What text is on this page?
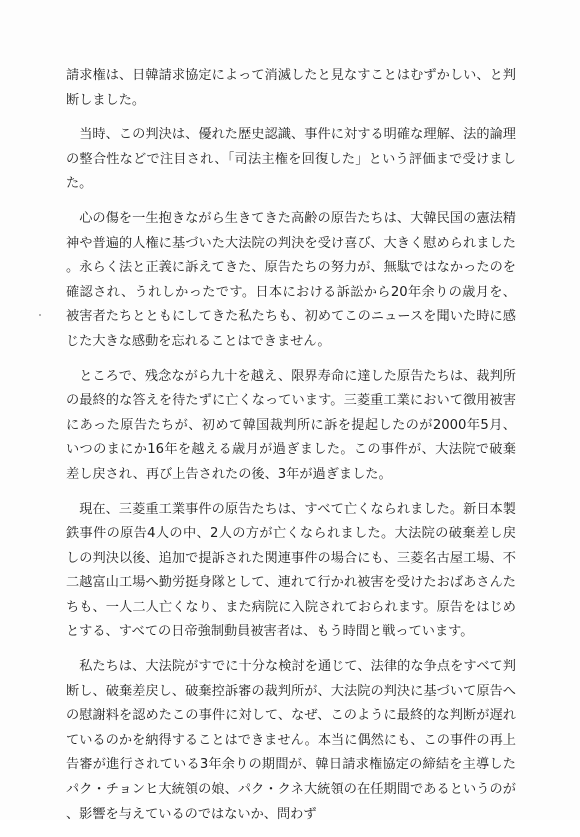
請求権は、日韓請求協定によって消滅したと見なすことはむずかしい、と判断しました。

当時、この判決は、優れた歴史認識、事件に対する明確な理解、法的論理の整合性などで注目され、「司法主権を回復した」という評価まで受けました。

心の傷を一生抱きながら生きてきた高齢の原告たちは、大韓民国の憲法精神や普遍的人権に基づいた大法院の判決を受け喜び、大きく慰められました。永らく法と正義に訴えてきた、原告たちの努力が、無駄ではなかったのを確認され、うれしかったです。日本における訴訟から20年余りの歳月を、被害者たちとともにしてきた私たちも、初めてこのニュースを聞いた時に感じた大きな感動を忘れることはできません。

ところで、残念ながら九十を越え、限界寿命に達した原告たちは、裁判所の最終的な答えを待たずに亡くなっています。三菱重工業において徴用被害にあった原告たちが、初めて韓国裁判所に訴を提起したのが2000年5月、いつのまにか16年を越える歳月が過ぎました。この事件が、大法院で破棄差し戻され、再び上告されたの後、3年が過ぎました。

現在、三菱重工業事件の原告たちは、すべて亡くなられました。新日本製鉄事件の原告4人の中、2人の方が亡くなられました。大法院の破棄差し戻しの判決以後、追加で提訴された関連事件の場合にも、三菱名古屋工場、不二越富山工場へ勤労挺身隊として、連れて行かれ被害を受けたおばあさんたちも、一人二人亡くなり、また病院に入院されておられます。原告をはじめとする、すべての日帝強制動員被害者は、もう時間と戦っています。

私たちは、大法院がすでに十分な検討を通じて、法律的な争点をすべて判断し、破棄差戻し、破棄控訴審の裁判所が、大法院の判決に基づいて原告への慰謝料を認めたこの事件に対して、なぜ、このように最終的な判断が遅れているのかを納得することはできません。本当に偶然にも、この事件の再上告審が進行されている3年余りの期間が、韓日請求権協定の締結を主導したパク・チョンヒ大統領の娘、パク・クネ大統領の在任期間であるというのが、影響を与えているのではないか、問わず
